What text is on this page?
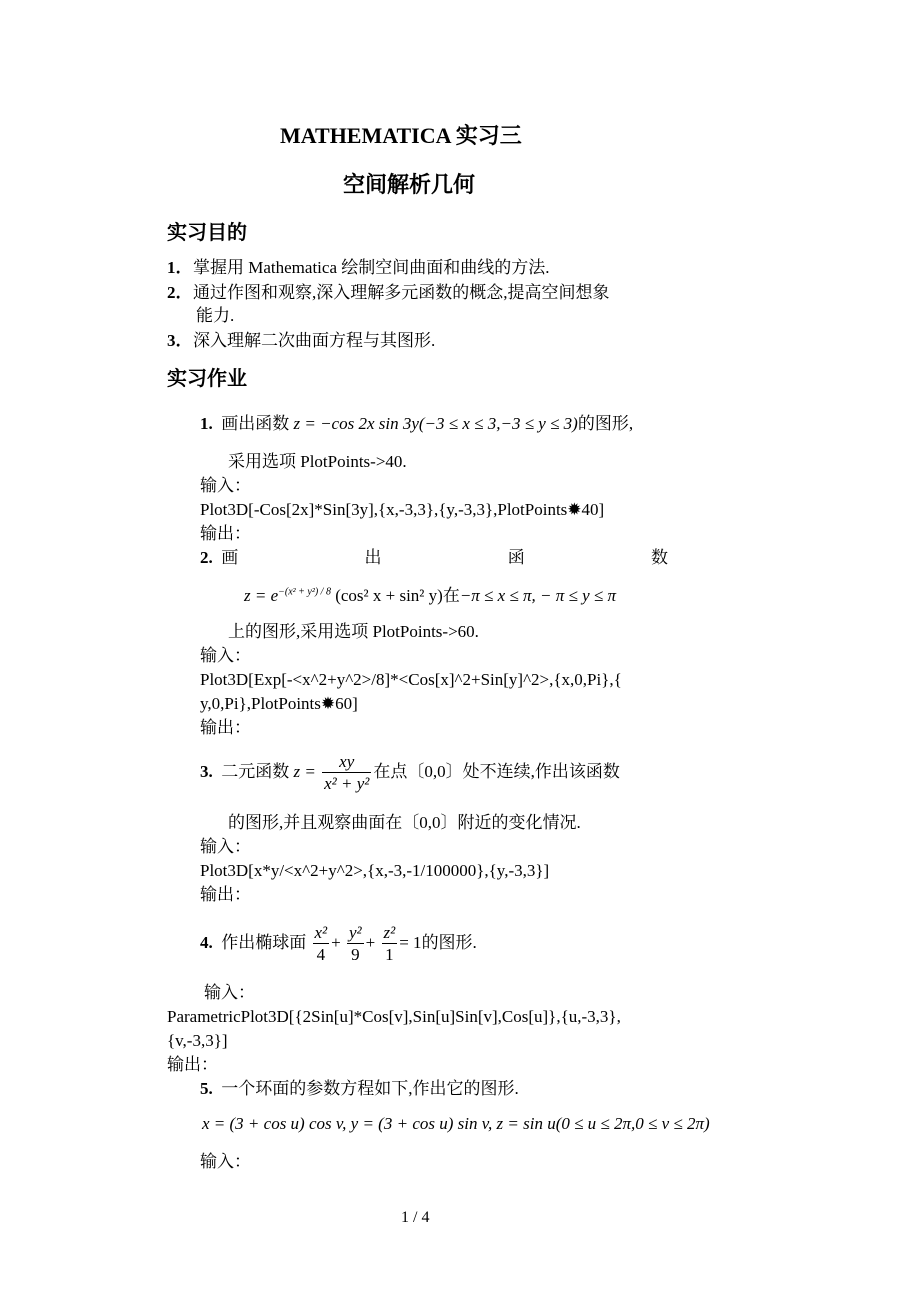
MATHEMATICA 实习三
空间解析几何
实习目的
1．掌握用 Mathematica 绘制空间曲面和曲线的方法.
2．通过作图和观察,深入理解多元函数的概念,提高空间想象
能力.
3．深入理解二次曲面方程与其图形.
实习作业
1. 画出函数 z = −cos 2x sin 3y(−3 ≤ x ≤ 3,−3 ≤ y ≤ 3)的图形,
采用选项 PlotPoints->40.
输入：
Plot3D[-Cos[2x]*Sin[3y],{x,-3,3},{y,-3,3},PlotPoints✹40]
输出：
2. 画	出	函	数
$z = e^{-(x^2 + y^2) / 8}$ (cos² x + sin² y)在−π ≤ x ≤ π, − π ≤ y ≤ π
上的图形,采用选项 PlotPoints->60.
输入：
Plot3D[Exp[-<x^2+y^2>/8]*<Cos[x]^2+Sin[y]^2>,{x,0,Pi},{
y,0,Pi},PlotPoints✹60]
输出：
3. 二元函数 $z = \frac{xy}{\text{x² + y²}}$ 在点〔0,0〕处不连续,作出该函数
的图形,并且观察曲面在〔0,0〕附近的变化情况.
输入：
Plot3D[x*y/<x^2+y^2>,{x,-3,-1/100000},{y,-3,3}]
输出：
4. 作出椭球面 $\frac{\text{x²}}{4} + \frac{\text{y²}}{9} + \frac{\text{z²}}{1} = 1$的图形.
输入：
ParametricPlot3D[{2Sin[u]*Cos[v],Sin[u]Sin[v],Cos[u]},{u,-3,3},
{v,-3,3}]
输出：
5. 一个环面的参数方程如下,作出它的图形.
x = (3 + cos u) cos v, y = (3 + cos u) sin v, z = sin u(0 ≤ u ≤ 2π,0 ≤ v ≤ 2π)
输入：
1 / 4
